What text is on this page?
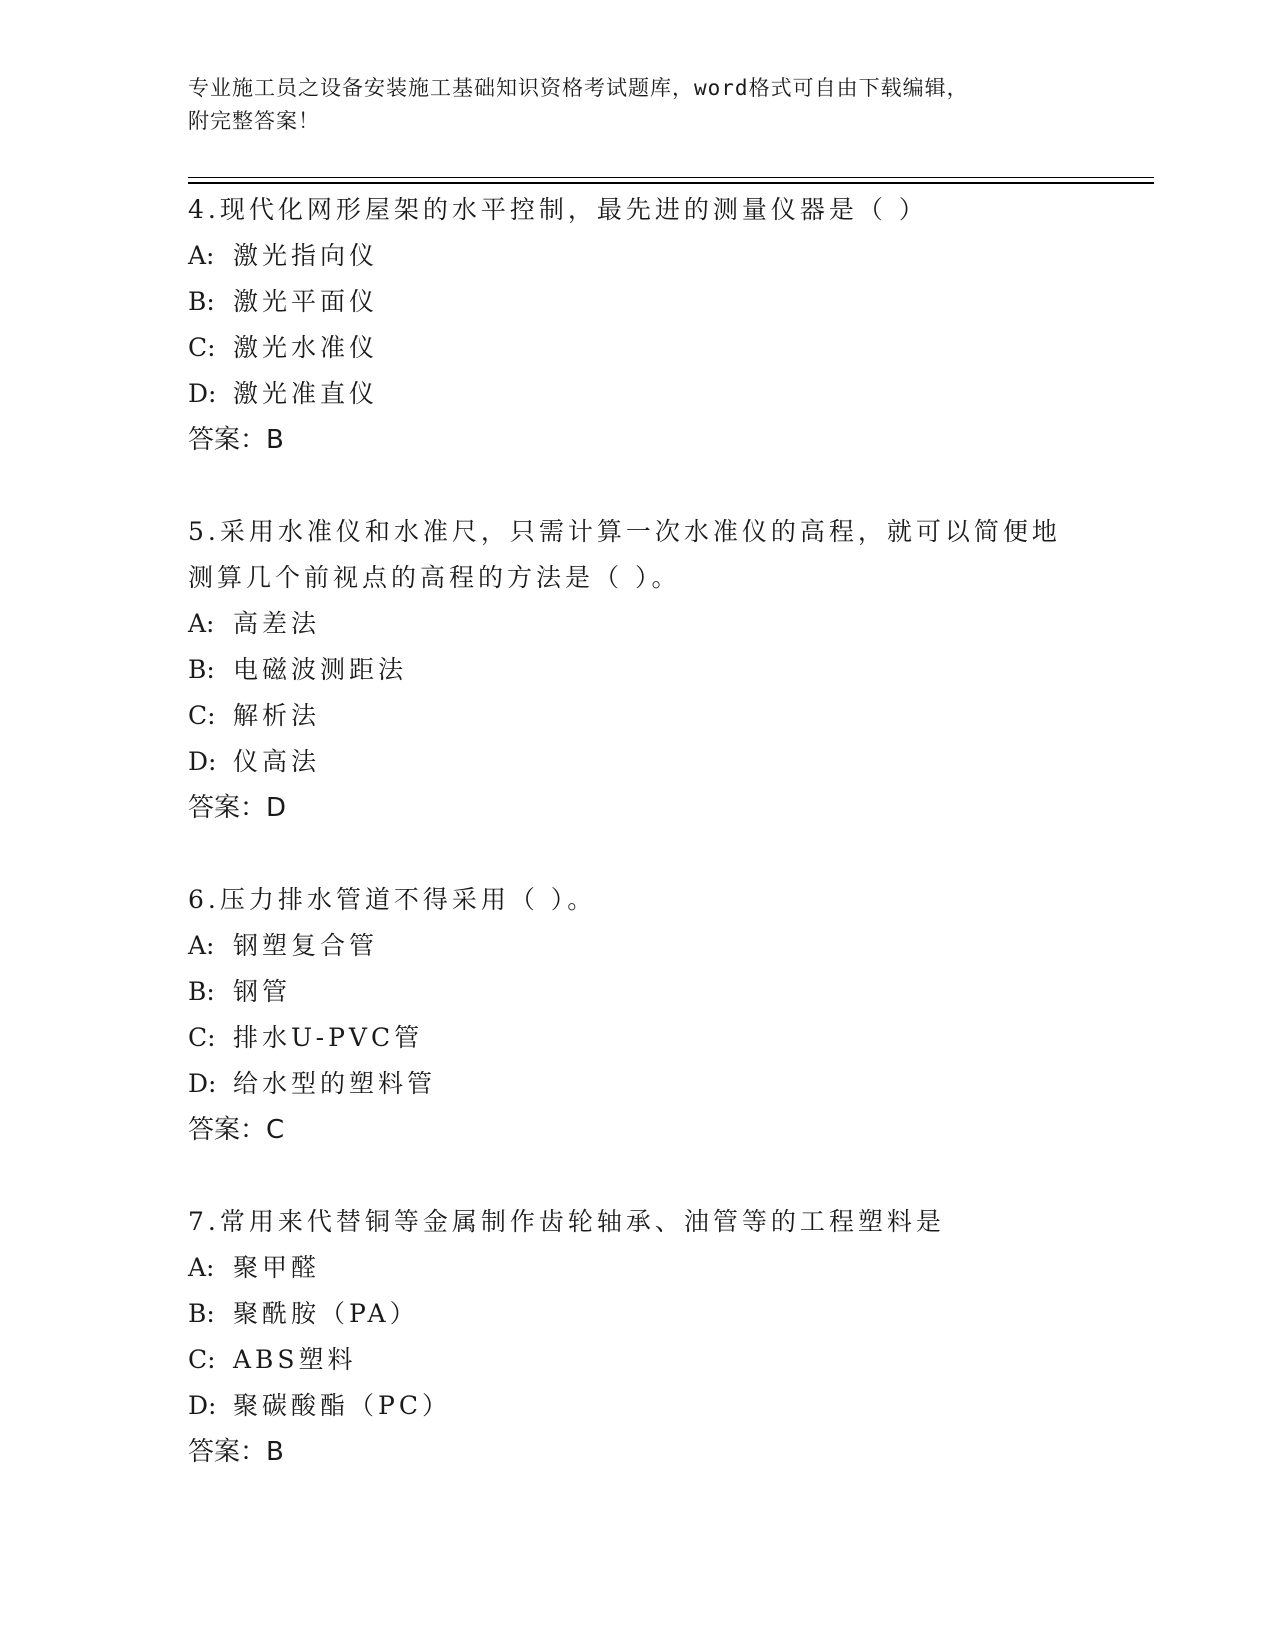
专业施工员之设备安装施工基础知识资格考试题库，word格式可自由下载编辑，
附完整答案！
4.现代化网形屋架的水平控制，最先进的测量仪器是（ ）
A: 激光指向仪
B: 激光平面仪
C: 激光水准仪
D: 激光准直仪
答案：B
5.采用水准仪和水准尺，只需计算一次水准仪的高程，就可以简便地
测算几个前视点的高程的方法是（ ）。
A: 高差法
B: 电磁波测距法
C: 解析法
D: 仪高法
答案：D
6.压力排水管道不得采用（ ）。
A: 钢塑复合管
B: 钢管
C: 排水U-PVC管
D: 给水型的塑料管
答案：C
7.常用来代替铜等金属制作齿轮轴承、油管等的工程塑料是
A: 聚甲醛
B: 聚酰胺（PA）
C: ABS塑料
D: 聚碳酸酯（PC）
答案：B
